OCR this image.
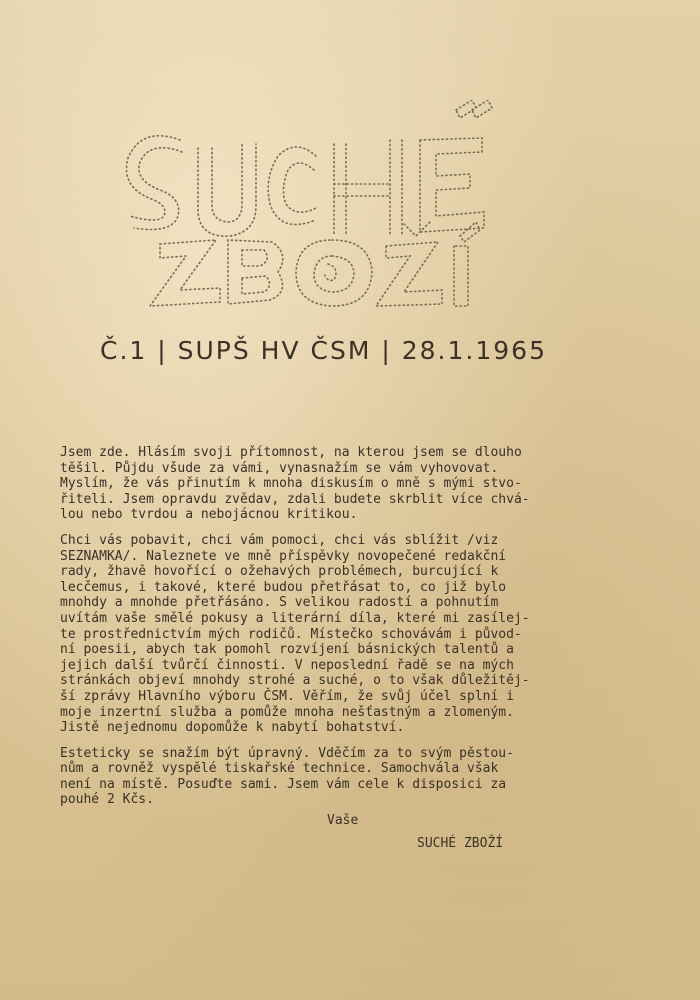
Č.1 | SUPŠ HV ČSM | 28.1.1965

Jsem zde. Hlásím svoji přítomnost, na kterou jsem se dlouho
těšil. Půjdu všude za vámi, vynasnažím se vám vyhovovat.
Myslím, že vás přinutím k mnoha diskusím o mně s mými stvo-
řiteli. Jsem opravdu zvědav, zdali budete skrblit více chvá-
lou nebo tvrdou a nebojácnou kritikou.

Chci vás pobavit, chci vám pomoci, chci vás sblížit /viz
SEZNAMKA/. Naleznete ve mně příspěvky novopečené redakční
rady, žhavě hovořící o ožehavých problémech, burcující k
lecčemus, i takové, které budou přetřásat to, co již bylo
mnohdy a mnohde přetřásáno. S velikou radostí a pohnutím
uvítám vaše smělé pokusy a literární díla, které mi zasílej-
te prostřednictvím mých rodičů. Místečko schovávám i původ-
ní poesii, abych tak pomohl rozvíjení básnických talentů a
jejich další tvůrčí činnosti. V neposlední řadě se na mých
stránkách objeví mnohdy strohé a suché, o to však důležitěj-
ší zprávy Hlavního výboru ČSM. Věřím, že svůj účel splní i
moje inzertní služba a pomůže mnoha nešťastným a zlomeným.
Jistě nejednomu dopomůže k nabytí bohatství.

Esteticky se snažím být úpravný. Vděčím za to svým pěstou-
nům a rovněž vyspělé tiskařské technice. Samochvála však
není na místě. Posuďte sami. Jsem vám cele k disposici za
pouhé 2 Kčs.

Vaše
SUCHÉ ZBOŽÍ
